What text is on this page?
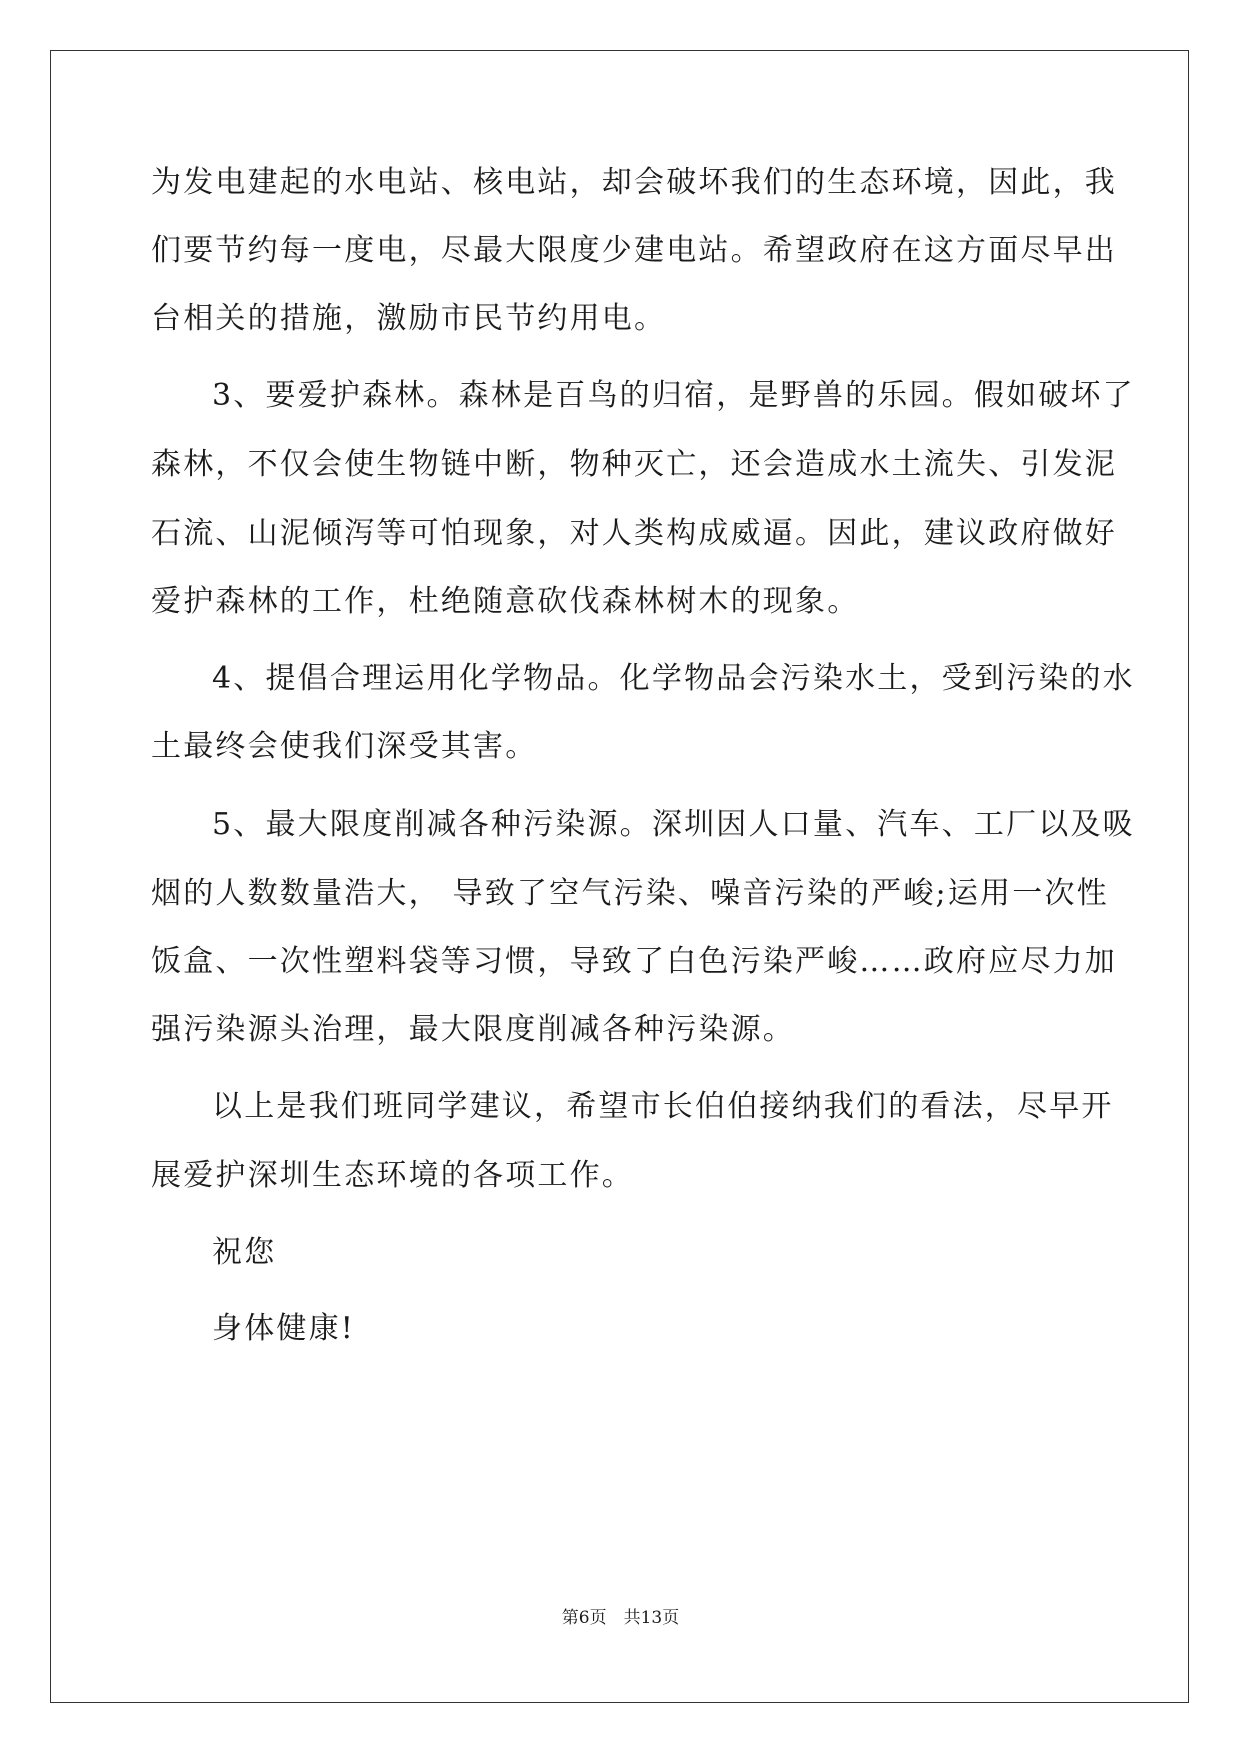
为发电建起的水电站、核电站，却会破坏我们的生态环境，因此，我
们要节约每一度电，尽最大限度少建电站。希望政府在这方面尽早出
台相关的措施，激励市民节约用电。
3、要爱护森林。森林是百鸟的归宿，是野兽的乐园。假如破坏了
森林，不仅会使生物链中断，物种灭亡，还会造成水土流失、引发泥
石流、山泥倾泻等可怕现象，对人类构成威逼。因此，建议政府做好
爱护森林的工作，杜绝随意砍伐森林树木的现象。
4、提倡合理运用化学物品。化学物品会污染水土，受到污染的水
土最终会使我们深受其害。
5、最大限度削减各种污染源。深圳因人口量、汽车、工厂以及吸
烟的人数数量浩大， 导致了空气污染、噪音污染的严峻;运用一次性
饭盒、一次性塑料袋等习惯，导致了白色污染严峻……政府应尽力加
强污染源头治理，最大限度削减各种污染源。
以上是我们班同学建议，希望市长伯伯接纳我们的看法，尽早开
展爱护深圳生态环境的各项工作。
祝您
身体健康!
第6页　共13页
